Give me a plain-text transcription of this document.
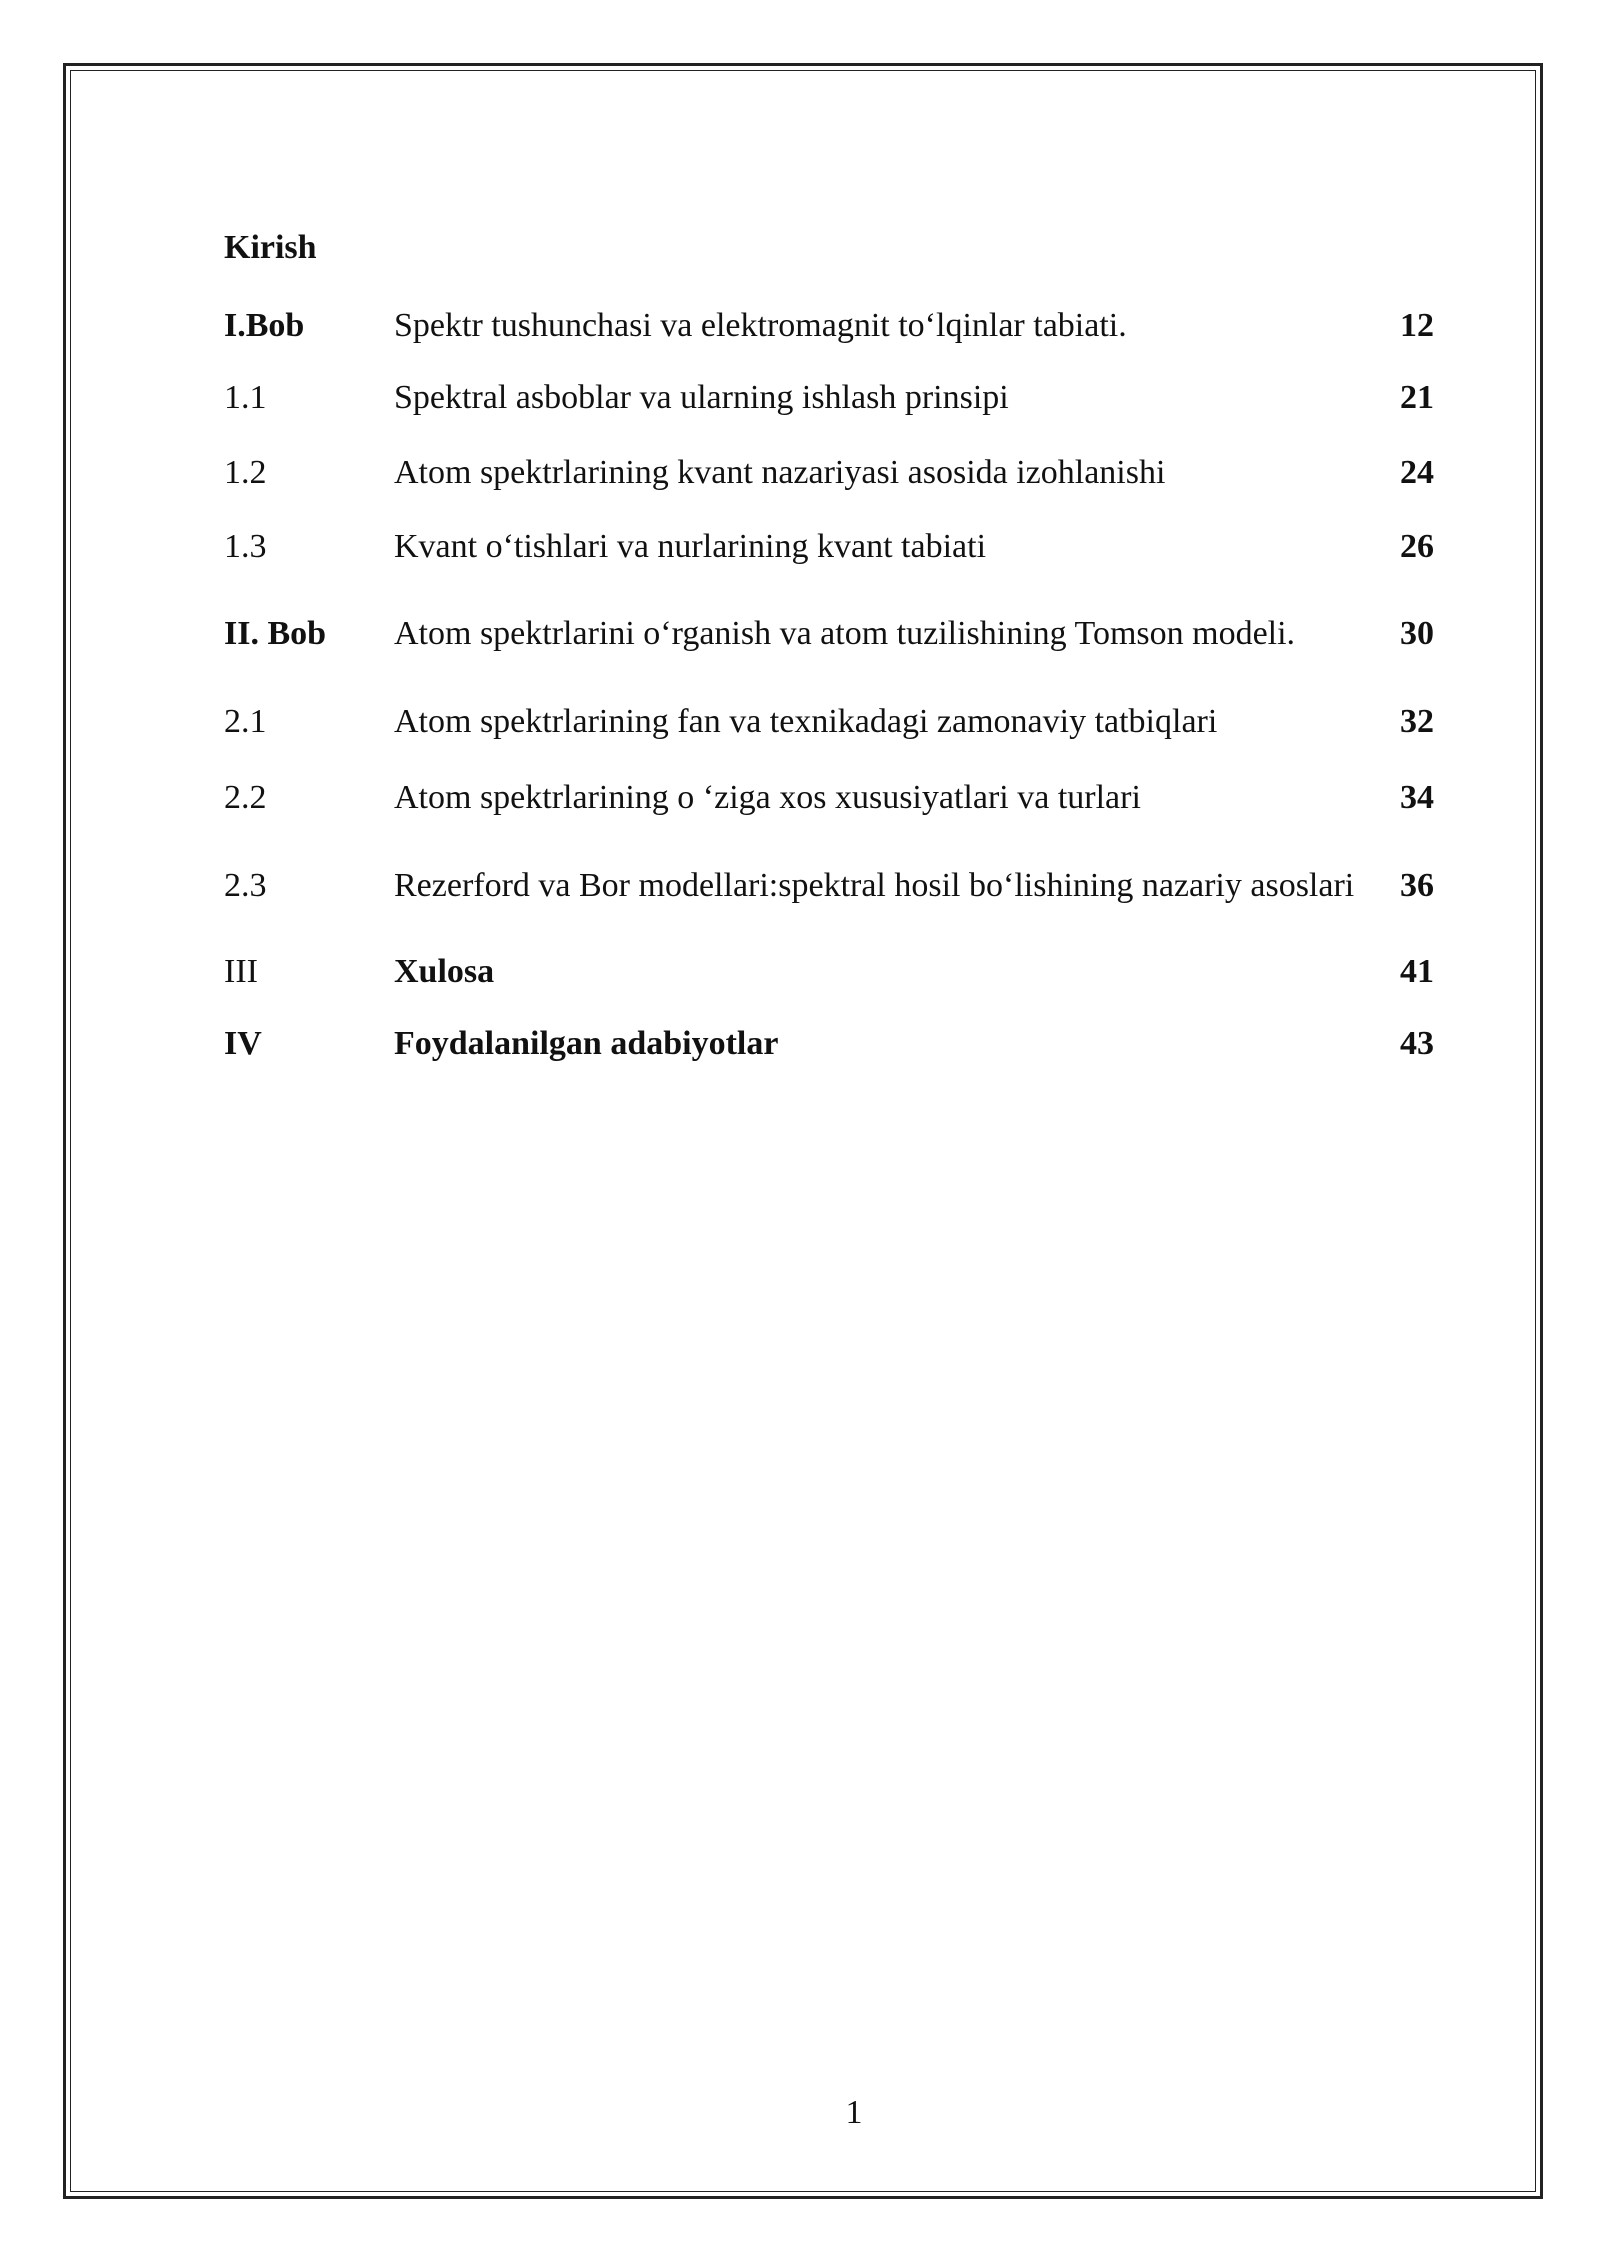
Kirish
I.Bob	Spektr tushunchasi va elektromagnit to‘lqinlar tabiati.	12
1.1	Spektral asboblar va ularning ishlash prinsipi	21
1.2	Atom spektrlarining kvant nazariyasi asosida izohlanishi	24
1.3	Kvant o‘tishlari va nurlarining kvant tabiati	26
II. Bob	Atom spektrlarini o‘rganish va atom tuzilishining Tomson modeli.	30
2.1	Atom spektrlarining fan va texnikadagi zamonaviy tatbiqlari	32
2.2	Atom spektrlarining o ‘ziga xos xususiyatlari va turlari	34
2.3	Rezerford va Bor modellari:spektral hosil bo‘lishining nazariy asoslari	36
III	Xulosa	41
IV	Foydalanilgan adabiyotlar	43
1
